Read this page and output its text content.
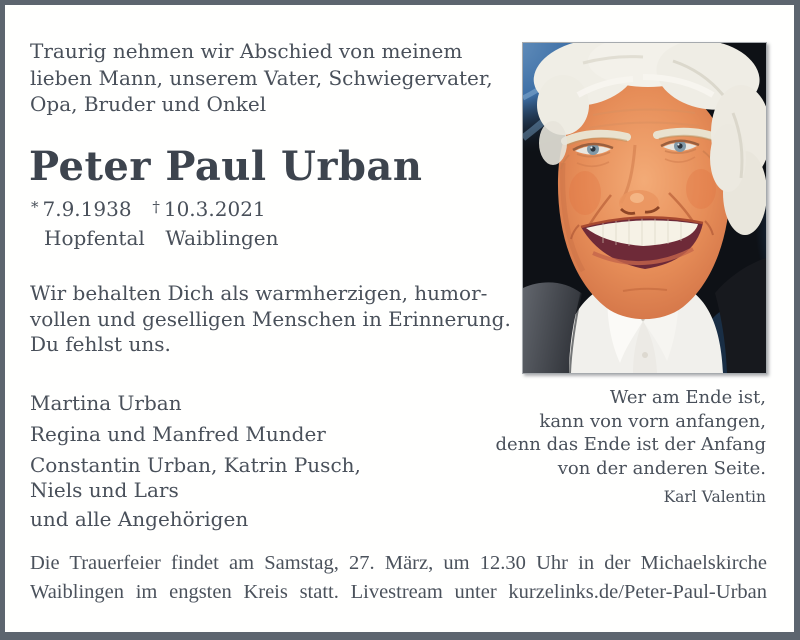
Traurig nehmen wir Abschied von meinem
lieben Mann, unserem Vater, Schwiegervater,
Opa, Bruder und Onkel
Peter Paul Urban
* 7.9.1938
Hopfental

† 10.3.2021
Waiblingen
Wir behalten Dich als warmherzigen, humor-
vollen und geselligen Menschen in Erinnerung.
Du fehlst uns.
Martina Urban
Regina und Manfred Munder
Constantin Urban, Katrin Pusch,
Niels und Lars
und alle Angehörigen
Wer am Ende ist,
kann von vorn anfangen,
denn das Ende ist der Anfang
von der anderen Seite.
Karl Valentin
Die Trauerfeier findet am Samstag, 27. März, um 12.30 Uhr in der Michaelskirche
Waiblingen im engsten Kreis statt. Livestream unter kurzelinks.de/Peter-Paul-Urban
